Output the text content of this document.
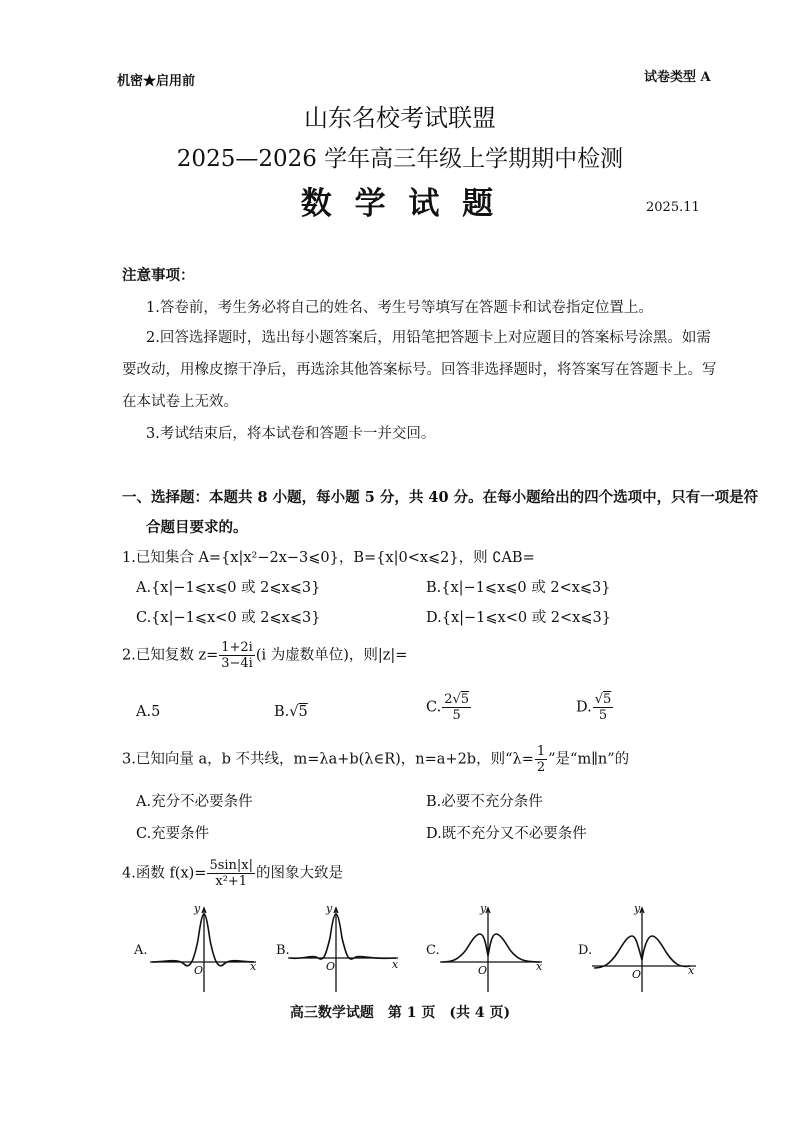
机密★启用前	试卷类型 A
山东名校考试联盟
2025—2026 学年高三年级上学期期中检测
数 学 试 题	2025.11
注意事项：
1.答卷前，考生务必将自己的姓名、考生号等填写在答题卡和试卷指定位置上。
2.回答选择题时，选出每小题答案后，用铅笔把答题卡上对应题目的答案标号涂黑。如需
要改动，用橡皮擦干净后，再选涂其他答案标号。回答非选择题时，将答案写在答题卡上。写
在本试卷上无效。
3.考试结束后，将本试卷和答题卡一并交回。
一、选择题：本题共 8 小题，每小题 5 分，共 40 分。在每小题给出的四个选项中，只有一项是符
合题目要求的。
1.已知集合 A={x|x²−2x−3⩽0}，B={x|0<x⩽2}，则 ∁AB=
A.{x|−1⩽x⩽0 或 2⩽x⩽3}	B.{x|−1⩽x⩽0 或 2<x⩽3}
C.{x|−1⩽x<0 或 2⩽x⩽3}	D.{x|−1⩽x<0 或 2<x⩽3}
2.已知复数 $z= \frac{1+2i}{3-4i} (i$ 为虚数单位)，则|z|=
A.5	B.√5	C. $\frac{2√5}{5}$	D. $\frac{√5}{5}$
3.已知向量 a，b 不共线，m=λa+b(λ∈R)，n=a+2b，则“$\lambda= \frac{1}{2}$ ”是“m∥n”的
A.充分不必要条件	B.必要不充分条件
C.充要条件	D.既不充分又不必要条件
4.函数 $f(x)= \frac{5\sin|x|}{\text{x²+1}}$ 的图象大致是
A.
y
O	x
B.
y
O	x
C.
y
O	x
D.
y
O	x
高三数学试题　第 1 页　(共 4 页)
